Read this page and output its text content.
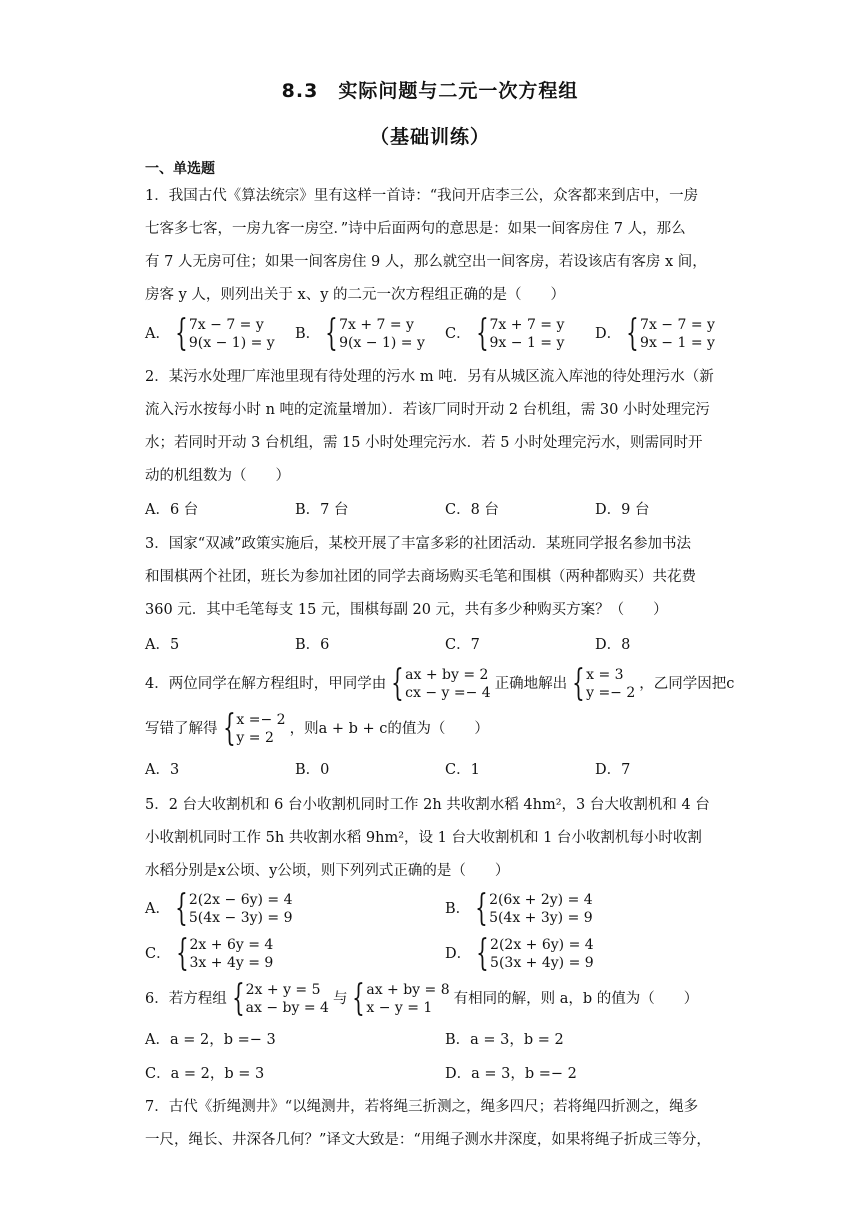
8.3　实际问题与二元一次方程组
（基础训练）
一、单选题
1．我国古代《算法统宗》里有这样一首诗：“我问开店李三公，众客都来到店中，一房
七客多七客，一房九客一房空．”诗中后面两句的意思是：如果一间客房住 7 人，那么
有 7 人无房可住；如果一间客房住 9 人，那么就空出一间客房，若设该店有客房 x 间，
房客 y 人，则列出关于 x、y 的二元一次方程组正确的是（　　）
A． { 7x − 7 = y
9(x − 1) = y
B． { 7x + 7 = y
9(x − 1) = y
C． { 7x + 7 = y
9x − 1 = y
D． { 7x − 7 = y
9x − 1 = y
2．某污水处理厂库池里现有待处理的污水 m 吨．另有从城区流入库池的待处理污水（新
流入污水按每小时 n 吨的定流量增加）．若该厂同时开动 2 台机组，需 30 小时处理完污
水；若同时开动 3 台机组，需 15 小时处理完污水．若 5 小时处理完污水，则需同时开
动的机组数为（　　）
A．6 台	B．7 台	C．8 台	D．9 台
3．国家“双减”政策实施后，某校开展了丰富多彩的社团活动．某班同学报名参加书法
和围棋两个社团，班长为参加社团的同学去商场购买毛笔和围棋（两种都购买）共花费
360 元．其中毛笔每支 15 元，围棋每副 20 元，共有多少种购买方案？（　　）
A．5	B．6	C．7	D．8
4．两位同学在解方程组时，甲同学由 { ax + by = 2
cx − y =− 4
正确地解出 { x = 3
y =− 2
，乙同学因把c
写错了解得 { x =− 2
y = 2
，则a + b + c的值为（　　）
A．3	B．0	C．1	D．7
5．2 台大收割机和 6 台小收割机同时工作 2h 共收割水稻 4hm²，3 台大收割机和 4 台
小收割机同时工作 5h 共收割水稻 9hm²，设 1 台大收割机和 1 台小收割机每小时收割
水稻分别是x公顷、y公顷，则下列列式正确的是（　　）
A． { 2(2x − 6y) = 4
5(4x − 3y) = 9
B． { 2(6x + 2y) = 4
5(4x + 3y) = 9
C． { 2x + 6y = 4
3x + 4y = 9
D． { 2(2x + 6y) = 4
5(3x + 4y) = 9
6．若方程组 { 2x + y = 5
ax − by = 4
与 { ax + by = 8
x − y = 1
有相同的解，则 a，b 的值为（　　）
A．a = 2，b =− 3	B．a = 3，b = 2
C．a = 2，b = 3	D．a = 3，b =− 2
7．古代《折绳测井》“以绳测井，若将绳三折测之，绳多四尺；若将绳四折测之，绳多
一尺，绳长、井深各几何？”译文大致是：“用绳子测水井深度，如果将绳子折成三等分，
